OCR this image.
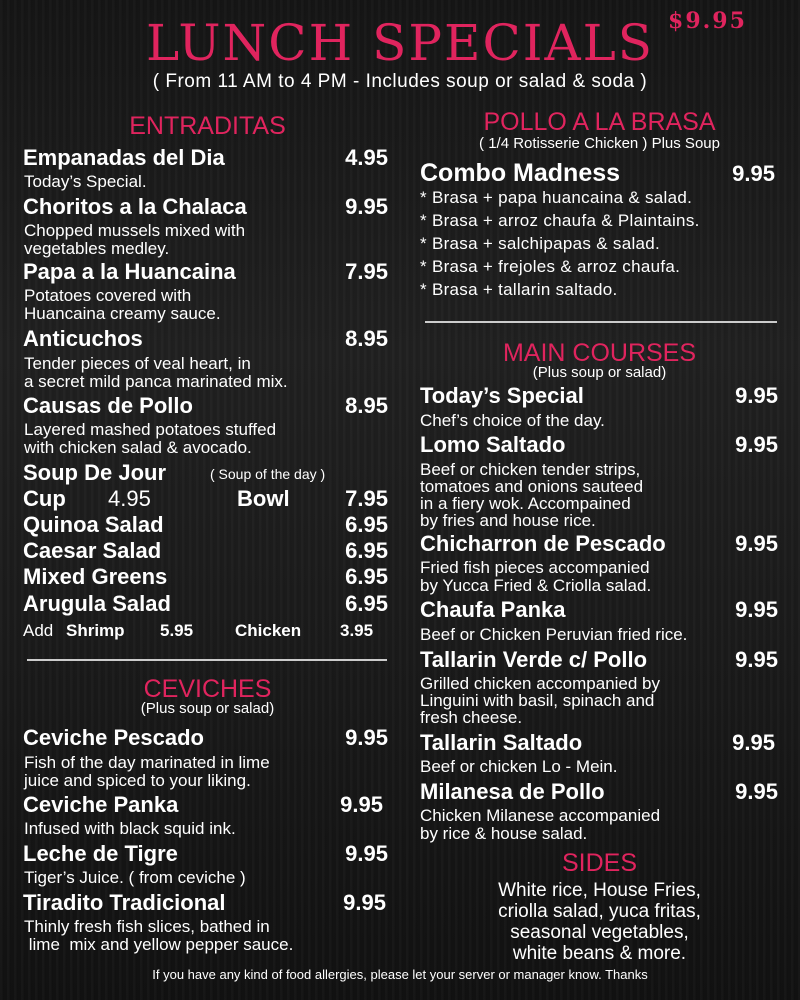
LUNCH SPECIALS $9.95
( From 11 AM to 4 PM - Includes soup or salad & soda )
ENTRADITAS
Empanadas del Dia	4.95
Today’s Special.
Choritos a la Chalaca	9.95
Chopped mussels mixed with
vegetables medley.
Papa a la Huancaina	7.95
Potatoes covered with
Huancaina creamy sauce.
Anticuchos	8.95
Tender pieces of veal heart, in
a secret mild panca marinated mix.
Causas de Pollo	8.95
Layered mashed potatoes stuffed
with chicken salad & avocado.
Soup De Jour	( Soup of the day )
Cup 4.95	Bowl	7.95
Quinoa Salad	6.95
Caesar Salad	6.95
Mixed Greens	6.95
Arugula Salad	6.95
Add Shrimp 5.95 Chicken 3.95
CEVICHES
(Plus soup or salad)
Ceviche Pescado	9.95
Fish of the day marinated in lime
juice and spiced to your liking.
Ceviche Panka	9.95
Infused with black squid ink.
Leche de Tigre	9.95
Tiger’s Juice. ( from ceviche )
Tiradito Tradicional	9.95
Thinly fresh fish slices, bathed in
lime  mix and yellow pepper sauce.
POLLO A LA BRASA
( 1/4 Rotisserie Chicken ) Plus Soup
Combo Madness	9.95
* Brasa + papa huancaina & salad.
* Brasa + arroz chaufa & Plaintains.
* Brasa + salchipapas & salad.
* Brasa + frejoles & arroz chaufa.
* Brasa + tallarin saltado.
MAIN COURSES
(Plus soup or salad)
Today’s Special	9.95
Chef’s choice of the day.
Lomo Saltado	9.95
Beef or chicken tender strips,
tomatoes and onions sauteed
in a fiery wok. Accompained
by fries and house rice.
Chicharron de Pescado	9.95
Fried fish pieces accompanied
by Yucca Fried & Criolla salad.
Chaufa Panka	9.95
Beef or Chicken Peruvian fried rice.
Tallarin Verde c/ Pollo	9.95
Grilled chicken accompanied by
Linguini with basil, spinach and
fresh cheese.
Tallarin Saltado	9.95
Beef or chicken Lo - Mein.
Milanesa de Pollo	9.95
Chicken Milanese accompanied
by rice & house salad.
SIDES
White rice, House Fries,
criolla salad, yuca fritas,
seasonal vegetables,
white beans & more.
If you have any kind of food allergies, please let your server or manager know. Thanks
